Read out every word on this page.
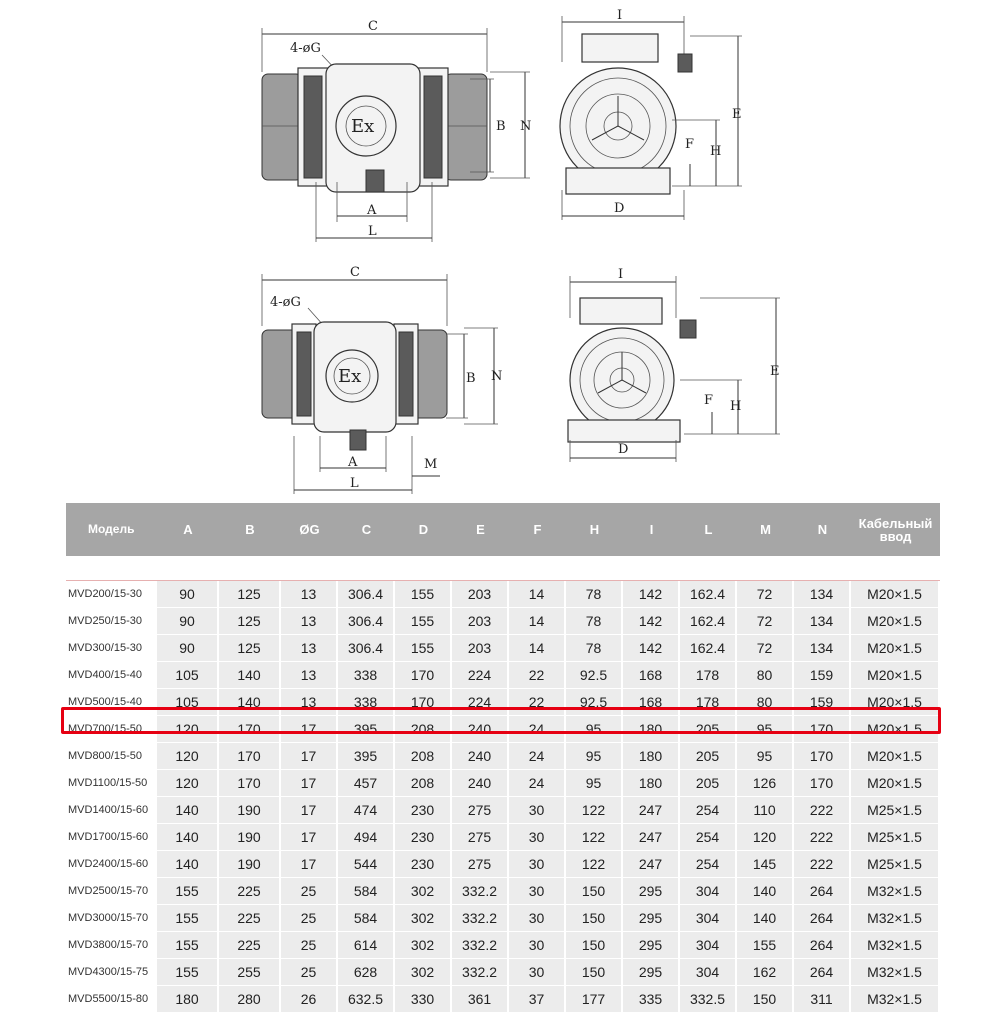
C
4-øG
Ex	B N
A
L
I
E
H
F
D
C
4-øG
Ex	B N
A
L
M
I
E
H
F
D
Модель	A	B	ØG	C	D	E	F	H	I	L	M	N	Кабельный
ввод

MVD200/15-30	90	125	13	306.4	155	203	14	78	142	162.4	72	134	M20×1.5
MVD250/15-30	90	125	13	306.4	155	203	14	78	142	162.4	72	134	M20×1.5
MVD300/15-30	90	125	13	306.4	155	203	14	78	142	162.4	72	134	M20×1.5
MVD400/15-40	105	140	13	338	170	224	22	92.5	168	178	80	159	M20×1.5
MVD500/15-40	105	140	13	338	170	224	22	92.5	168	178	80	159	M20×1.5
MVD700/15-50	120	170	17	395	208	240	24	95	180	205	95	170	M20×1.5
MVD800/15-50	120	170	17	395	208	240	24	95	180	205	95	170	M20×1.5
MVD1100/15-50	120	170	17	457	208	240	24	95	180	205	126	170	M20×1.5
MVD1400/15-60	140	190	17	474	230	275	30	122	247	254	110	222	M25×1.5
MVD1700/15-60	140	190	17	494	230	275	30	122	247	254	120	222	M25×1.5
MVD2400/15-60	140	190	17	544	230	275	30	122	247	254	145	222	M25×1.5
MVD2500/15-70	155	225	25	584	302	332.2	30	150	295	304	140	264	M32×1.5
MVD3000/15-70	155	225	25	584	302	332.2	30	150	295	304	140	264	M32×1.5
MVD3800/15-70	155	225	25	614	302	332.2	30	150	295	304	155	264	M32×1.5
MVD4300/15-75	155	255	25	628	302	332.2	30	150	295	304	162	264	M32×1.5
MVD5500/15-80	180	280	26	632.5	330	361	37	177	335	332.5	150	311	M32×1.5
